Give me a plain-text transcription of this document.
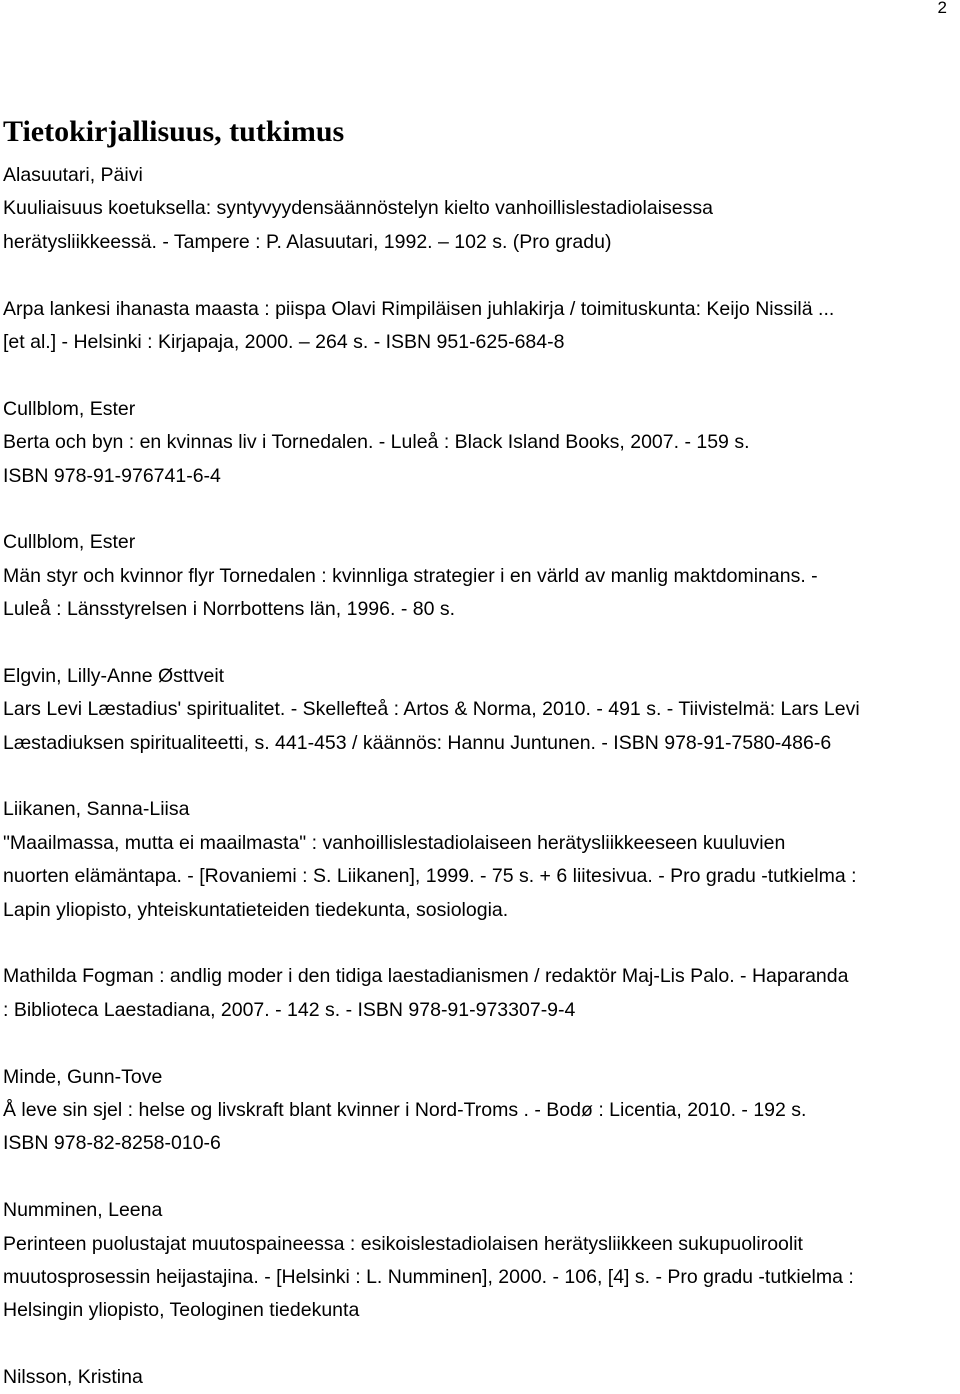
2
Tietokirjallisuus, tutkimus
Alasuutari, Päivi
Kuuliaisuus koetuksella: syntyvyydensäännöstelyn kielto vanhoillislestadiolaisessa
herätysliikkeessä. - Tampere : P. Alasuutari, 1992. ‒ 102 s. (Pro gradu)
Arpa lankesi ihanasta maasta : piispa Olavi Rimpiläisen juhlakirja / toimituskunta: Keijo Nissilä ...
[et al.] - Helsinki : Kirjapaja, 2000. ‒ 264 s. - ISBN 951-625-684-8
Cullblom, Ester
Berta och byn : en kvinnas liv i Tornedalen. - Luleå : Black Island Books, 2007. - 159 s.
ISBN 978-91-976741-6-4
Cullblom, Ester
Män styr och kvinnor flyr Tornedalen : kvinnliga strategier i en värld av manlig maktdominans. -
Luleå : Länsstyrelsen i Norrbottens län, 1996. - 80 s.
Elgvin, Lilly-Anne Østtveit
Lars Levi Læstadius' spiritualitet. - Skellefteå : Artos & Norma, 2010. - 491 s. - Tiivistelmä: Lars Levi
Læstadiuksen spiritualiteetti, s. 441-453 / käännös: Hannu Juntunen. - ISBN 978-91-7580-486-6
Liikanen, Sanna-Liisa
"Maailmassa, mutta ei maailmasta" : vanhoillislestadiolaiseen herätysliikkeeseen kuuluvien
nuorten elämäntapa. - [Rovaniemi : S. Liikanen], 1999. - 75 s. + 6 liitesivua. - Pro gradu -tutkielma :
Lapin yliopisto, yhteiskuntatieteiden tiedekunta, sosiologia.
Mathilda Fogman : andlig moder i den tidiga laestadianismen / redaktör Maj-Lis Palo. - Haparanda
: Biblioteca Laestadiana, 2007. - 142 s. - ISBN 978-91-973307-9-4
Minde, Gunn-Tove
Å leve sin sjel : helse og livskraft blant kvinner i Nord-Troms . - Bodø : Licentia, 2010. - 192 s.
ISBN 978-82-8258-010-6
Numminen, Leena
Perinteen puolustajat muutospaineessa : esikoislestadiolaisen herätysliikkeen sukupuoliroolit
muutosprosessin heijastajina. - [Helsinki : L. Numminen], 2000. - 106, [4] s. - Pro gradu -tutkielma :
Helsingin yliopisto, Teologinen tiedekunta
Nilsson, Kristina
